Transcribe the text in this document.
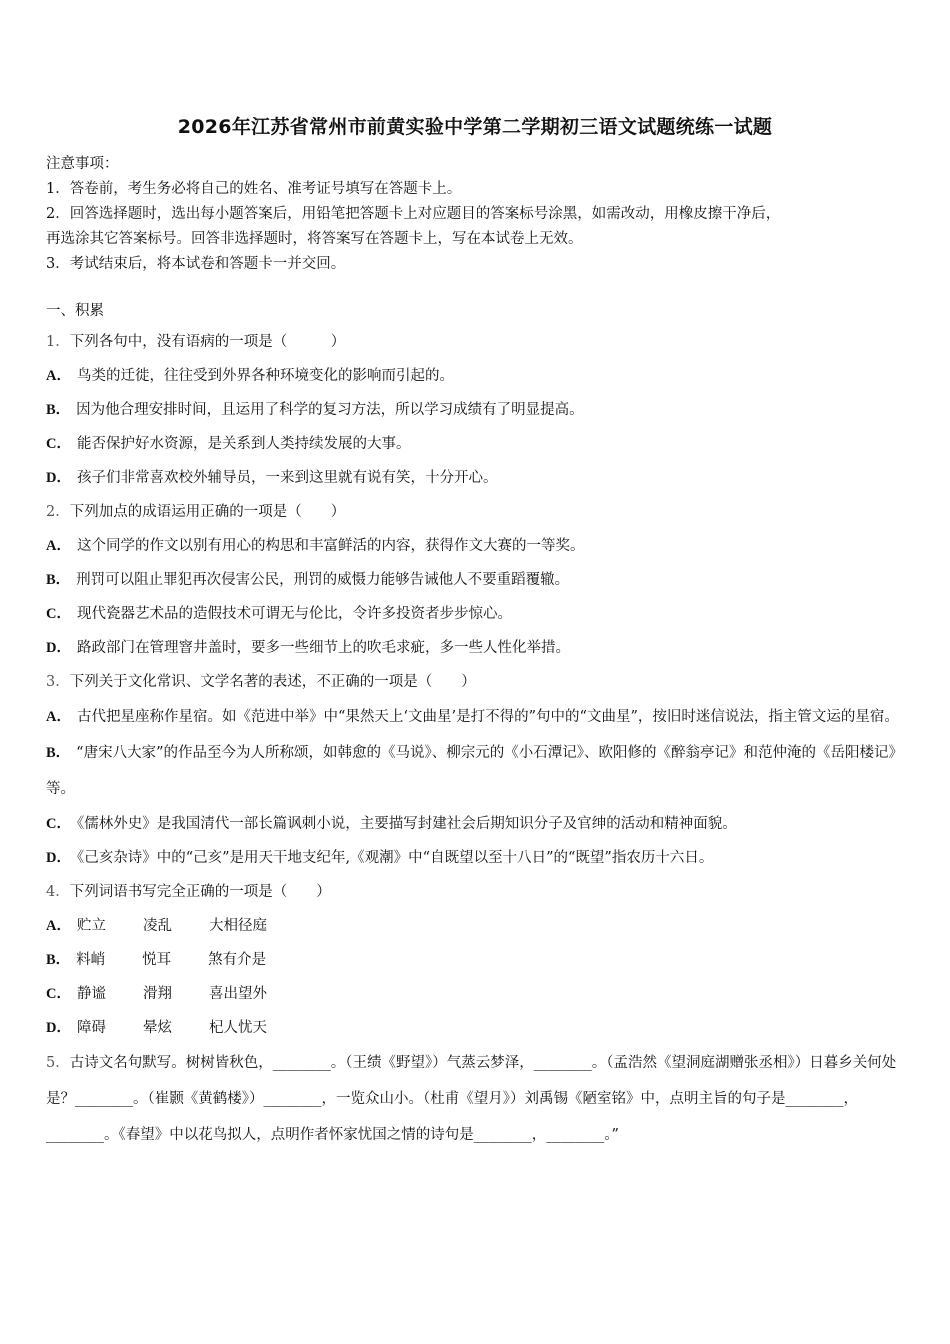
2026年江苏省常州市前黄实验中学第二学期初三语文试题统练一试题

注意事项：

1．答卷前，考生务必将自己的姓名、准考证号填写在答题卡上。

2．回答选择题时，选出每小题答案后，用铅笔把答题卡上对应题目的答案标号涂黑，如需改动，用橡皮擦干净后，

再选涂其它答案标号。回答非选择题时，将答案写在答题卡上，写在本试卷上无效。

3．考试结束后，将本试卷和答题卡一并交回。

一、积累

1．下列各句中，没有语病的一项是（　　　）

A． 鸟类的迁徙，往往受到外界各种环境变化的影响而引起的。

B． 因为他合理安排时间，且运用了科学的复习方法，所以学习成绩有了明显提高。

C． 能否保护好水资源，是关系到人类持续发展的大事。

D． 孩子们非常喜欢校外辅导员，一来到这里就有说有笑，十分开心。

2．下列加点的成语运用正确的一项是（　　）

A． 这个同学的作文以别有用心的构思和丰富鲜活的内容，获得作文大赛的一等奖。

B． 刑罚可以阻止罪犯再次侵害公民，刑罚的威慑力能够告诫他人不要重蹈覆辙。

C． 现代瓷器艺术品的造假技术可谓无与伦比，令许多投资者步步惊心。

D． 路政部门在管理窨井盖时，要多一些细节上的吹毛求疵，多一些人性化举措。

3．下列关于文化常识、文学名著的表述，不正确的一项是（　　）

A． 古代把星座称作星宿。如《范进中举》中“果然天上‘文曲星’是打不得的”句中的“文曲星”，按旧时迷信说法，指主管文运的星宿。

B． “唐宋八大家”的作品至今为人所称颂，如韩愈的《马说》、柳宗元的《小石潭记》、欧阳修的《醉翁亭记》和范仲淹的《岳阳楼记》等。

C． 《儒林外史》是我国清代一部长篇讽刺小说，主要描写封建社会后期知识分子及官绅的活动和精神面貌。

D． 《己亥杂诗》中的“己亥”是用天干地支纪年,《观潮》中“自既望以至十八日”的“既望”指农历十六日。

4．下列词语书写完全正确的一项是（　　）

A． 贮立	凌乱	大相径庭

B． 料峭	悦耳	煞有介是

C． 静谧	滑翔	喜出望外

D． 障碍	晕炫	杞人忧天

5．古诗文名句默写。树树皆秋色，________。（王绩《野望》）气蒸云梦泽，________。（孟浩然《望洞庭湖赠张丞相》）日暮乡关何处是？________。（崔颢《黄鹤楼》）________，一览众山小。（杜甫《望月》）刘禹锡《陋室铭》中，点明主旨的句子是________，________。《春望》中以花鸟拟人，点明作者怀家忧国之情的诗句是________，________。”
